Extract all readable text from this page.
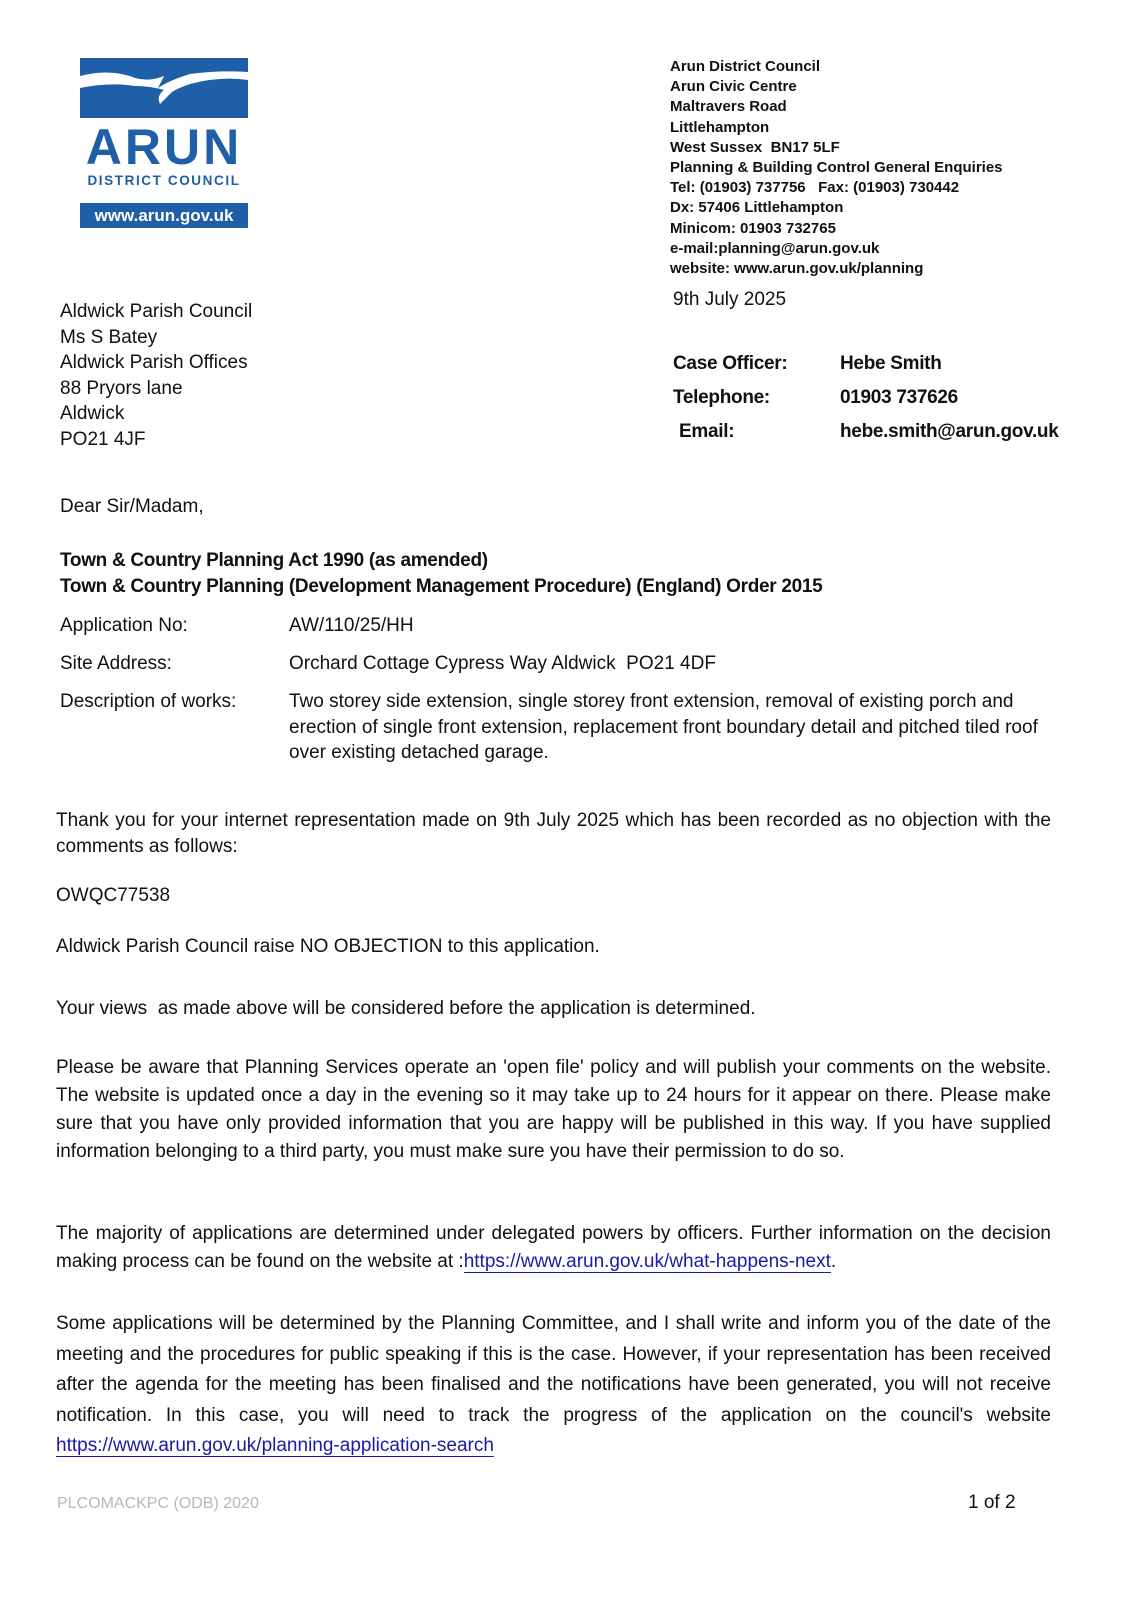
ARUN
DISTRICT COUNCIL
www.arun.gov.uk
Arun District Council
Arun Civic Centre
Maltravers Road
Littlehampton
West Sussex  BN17 5LF
Planning & Building Control General Enquiries
Tel: (01903) 737756   Fax: (01903) 730442
Dx: 57406 Littlehampton
Minicom: 01903 732765
e-mail:planning@arun.gov.uk
website: www.arun.gov.uk/planning
9th July 2025
Case Officer:	Hebe Smith
Telephone:	01903 737626
Email:	hebe.smith@arun.gov.uk
Aldwick Parish Council
Ms S Batey
Aldwick Parish Offices
88 Pryors lane
Aldwick
PO21 4JF
Dear Sir/Madam,
Town & Country Planning Act 1990 (as amended)
Town & Country Planning (Development Management Procedure) (England) Order 2015
Application No:	AW/110/25/HH
Site Address:	Orchard Cottage Cypress Way Aldwick  PO21 4DF
Description of works:	Two storey side extension, single storey front extension, removal of existing porch and erection of single front extension, replacement front boundary detail and pitched tiled roof over existing detached garage.
Thank you for your internet representation made on 9th July 2025 which has been recorded as no objection with the comments as follows:
OWQC77538
Aldwick Parish Council raise NO OBJECTION to this application.
Your views  as made above will be considered before the application is determined.
Please be aware that Planning Services operate an 'open file' policy and will publish your comments on the website. The website is updated once a day in the evening so it may take up to 24 hours for it appear on there. Please make sure that you have only provided information that you are happy will be published in this way. If you have supplied information belonging to a third party, you must make sure you have their permission to do so.
The majority of applications are determined under delegated powers by officers. Further information on the decision making process can be found on the website at :https://www.arun.gov.uk/what-happens-next.
Some applications will be determined by the Planning Committee, and I shall write and inform you of the date of the meeting and the procedures for public speaking if this is the case. However, if your representation has been received after the agenda for the meeting has been finalised and the notifications have been generated, you will not receive notification. In this case, you will need to track the progress of the application on the council's website https://www.arun.gov.uk/planning-application-search
PLCOMACKPC (ODB) 2020	1 of 2
